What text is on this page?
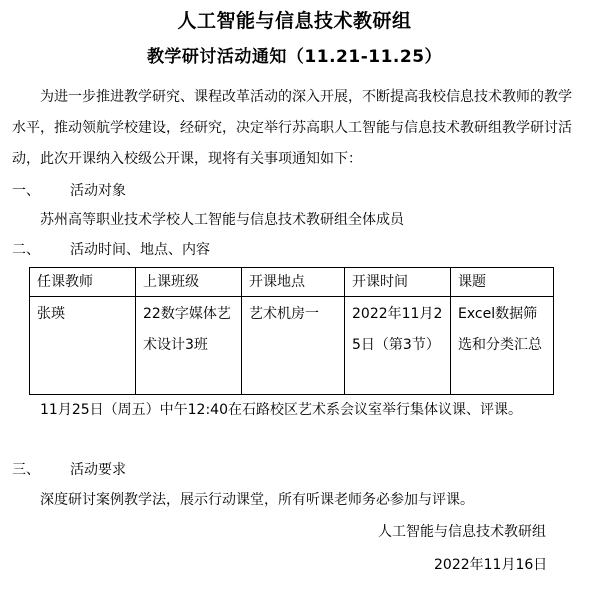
人工智能与信息技术教研组
教学研讨活动通知（11.21-11.25）
为进一步推进教学研究、课程改革活动的深入开展，不断提高我校信息技术教师的教学水平，推动领航学校建设，经研究，决定举行苏高职人工智能与信息技术教研组教学研讨活动，此次开课纳入校级公开课，现将有关事项通知如下：
一、 活动对象
苏州高等职业技术学校人工智能与信息技术教研组全体成员
二、 活动时间、地点、内容
任课教师	上课班级	开课地点	开课时间	课题
张瑛	22数字媒体艺术设计3班	艺术机房一	2022年11月25日（第3节）	Excel数据筛选和分类汇总
11月25日（周五）中午12:40在石路校区艺术系会议室举行集体议课、评课。
三、 活动要求
深度研讨案例教学法，展示行动课堂，所有听课老师务必参加与评课。
人工智能与信息技术教研组
2022年11月16日
